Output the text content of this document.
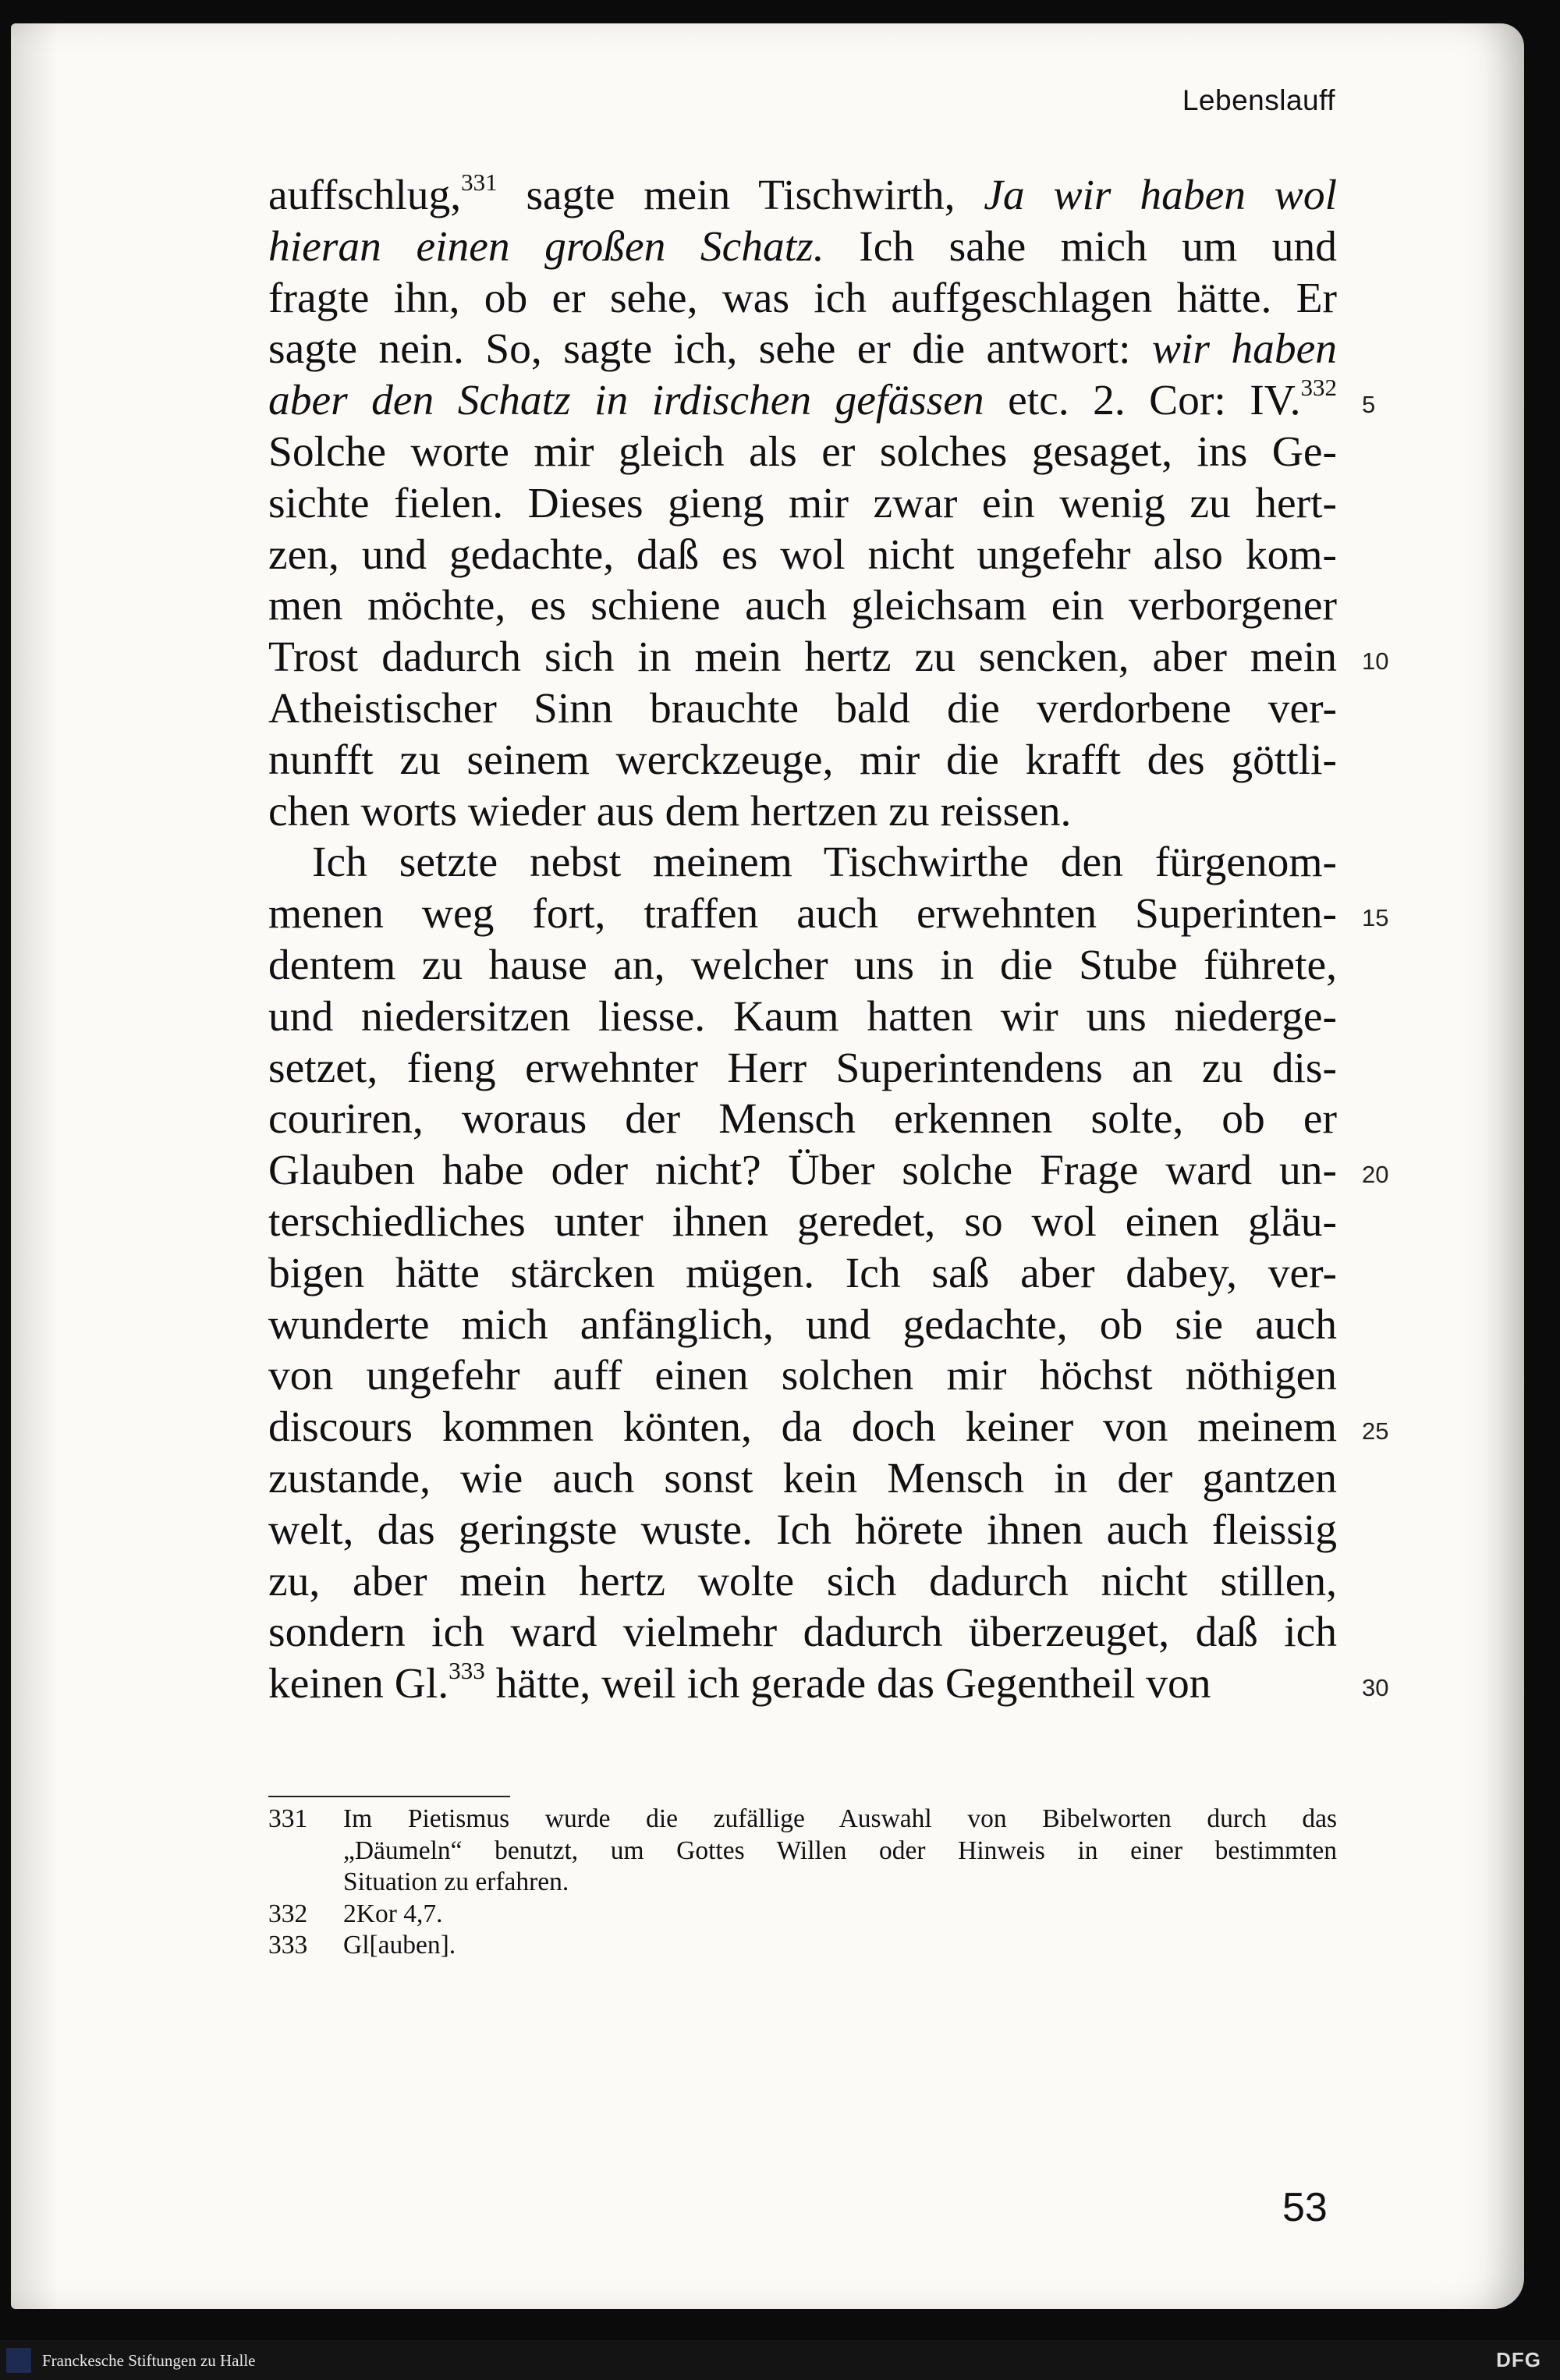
Lebenslauff
auffschlug,$^{331}$ sagte mein Tischwirth, Ja wir haben wol
hieran einen großen Schatz. Ich sahe mich um und
fragte ihn, ob er sehe, was ich auffgeschlagen hätte. Er
sagte nein. So, sagte ich, sehe er die antwort: wir haben
aber den Schatz in irdischen gefässen etc. 2. Cor: IV.$^{332}$
Solche worte mir gleich als er solches gesaget, ins Ge-
sichte fielen. Dieses gieng mir zwar ein wenig zu hert-
zen, und gedachte, daß es wol nicht ungefehr also kom-
men möchte, es schiene auch gleichsam ein verborgener
Trost dadurch sich in mein hertz zu sencken, aber mein
Atheistischer Sinn brauchte bald die verdorbene ver-
nunfft zu seinem werckzeuge, mir die krafft des göttli-
chen worts wieder aus dem hertzen zu reissen.
Ich setzte nebst meinem Tischwirthe den fürgenom-
menen weg fort, traffen auch erwehnten Superinten-
dentem zu hause an, welcher uns in die Stube führete,
und niedersitzen liesse. Kaum hatten wir uns niederge-
setzet, fieng erwehnter Herr Superintendens an zu dis-
couriren, woraus der Mensch erkennen solte, ob er
Glauben habe oder nicht? Über solche Frage ward un-
terschiedliches unter ihnen geredet, so wol einen gläu-
bigen hätte stärcken mügen. Ich saß aber dabey, ver-
wunderte mich anfänglich, und gedachte, ob sie auch
von ungefehr auff einen solchen mir höchst nöthigen
discours kommen könten, da doch keiner von meinem
zustande, wie auch sonst kein Mensch in der gantzen
welt, das geringste wuste. Ich hörete ihnen auch fleissig
zu, aber mein hertz wolte sich dadurch nicht stillen,
sondern ich ward vielmehr dadurch überzeuget, daß ich
keinen Gl.$^{333}$ hätte, weil ich gerade das Gegentheil von
5
10
15
20
25
30
331	Im Pietismus wurde die zufällige Auswahl von Bibelworten durch das
„Däumeln“ benutzt, um Gottes Willen oder Hinweis in einer bestimmten
Situation zu erfahren.
332	2Kor 4,7.
333	Gl[auben].
53
Franckesche Stiftungen zu Halle	DFG
